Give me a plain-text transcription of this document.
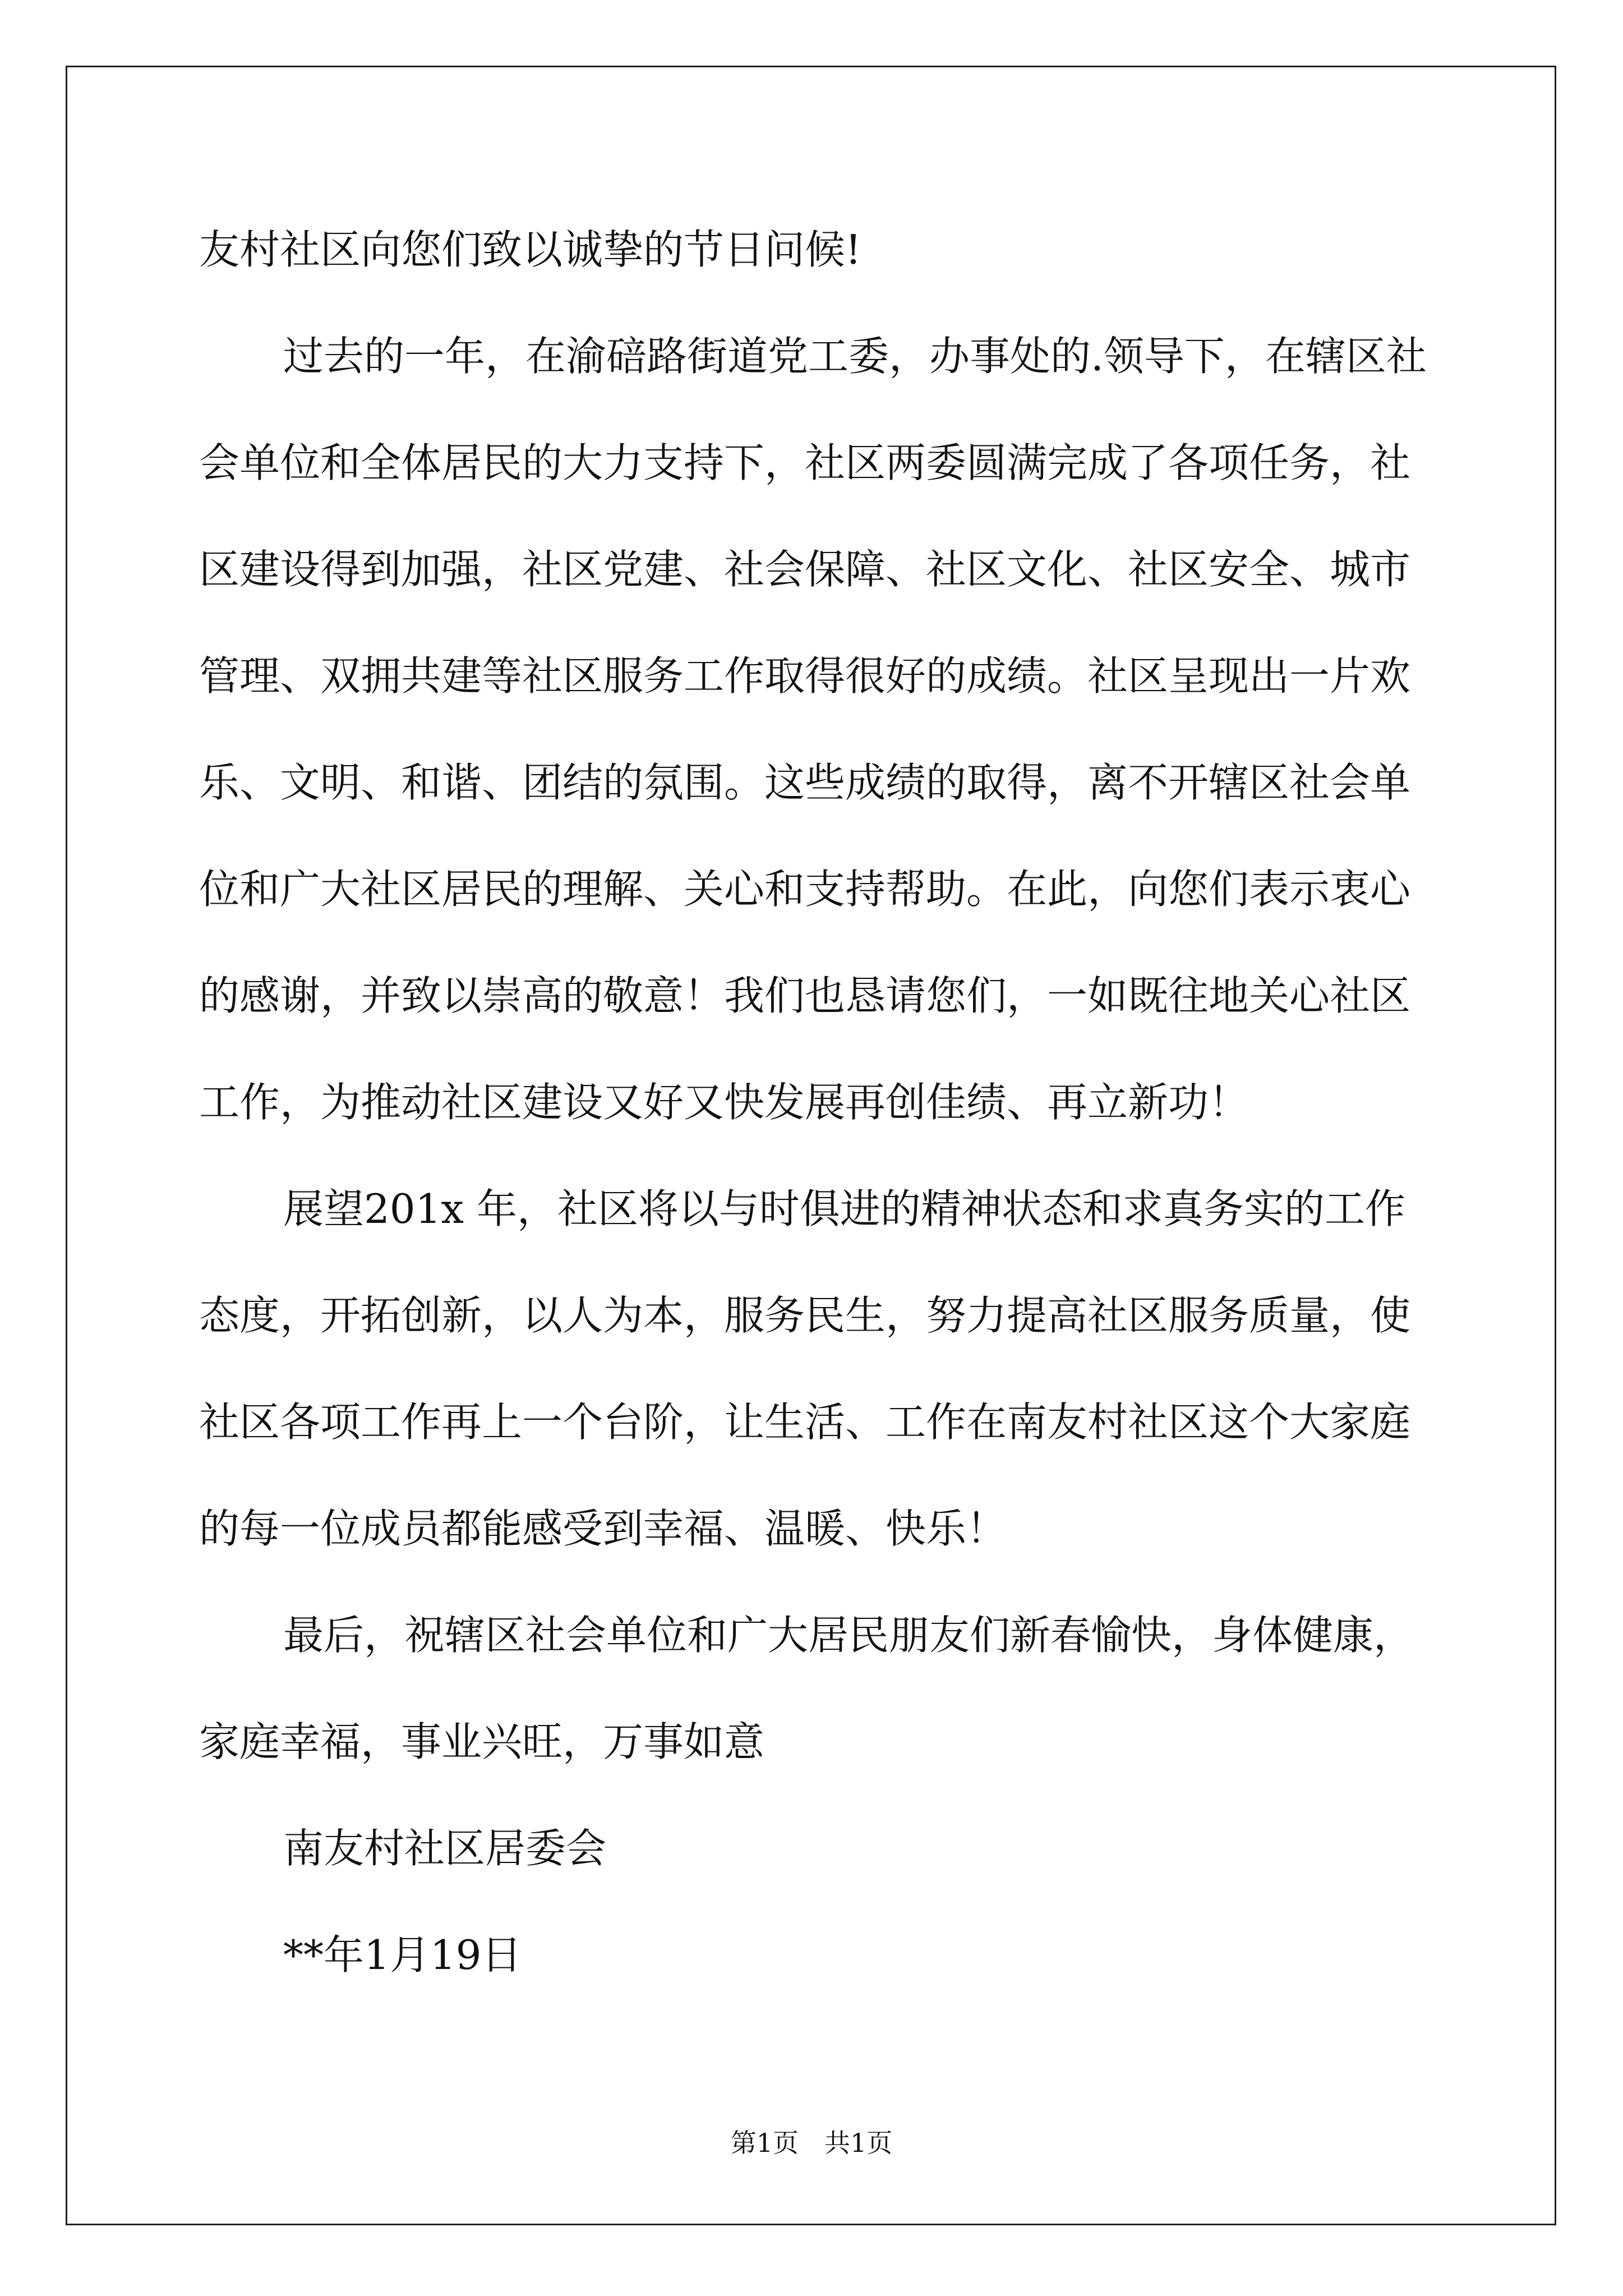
友村社区向您们致以诚挚的节日问候!
过去的一年，在渝碚路街道党工委，办事处的.领导下，在辖区社
会单位和全体居民的大力支持下，社区两委圆满完成了各项任务，社
区建设得到加强，社区党建、社会保障、社区文化、社区安全、城市
管理、双拥共建等社区服务工作取得很好的成绩。社区呈现出一片欢
乐、文明、和谐、团结的氛围。这些成绩的取得，离不开辖区社会单
位和广大社区居民的理解、关心和支持帮助。在此，向您们表示衷心
的感谢，并致以崇高的敬意！我们也恳请您们，一如既往地关心社区
工作，为推动社区建设又好又快发展再创佳绩、再立新功！
展望201x 年，社区将以与时俱进的精神状态和求真务实的工作
态度，开拓创新，以人为本，服务民生，努力提高社区服务质量，使
社区各项工作再上一个台阶，让生活、工作在南友村社区这个大家庭
的每一位成员都能感受到幸福、温暖、快乐！
最后，祝辖区社会单位和广大居民朋友们新春愉快，身体健康，
家庭幸福，事业兴旺，万事如意
南友村社区居委会
**年1月19日
第1页　共1页
